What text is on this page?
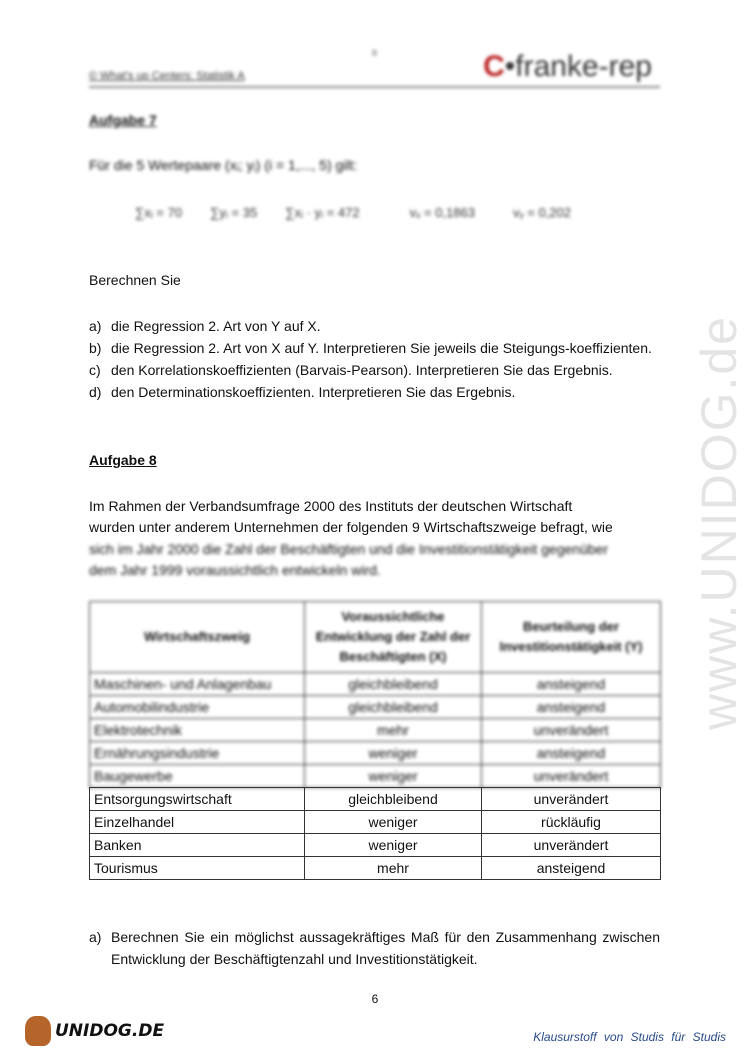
www.UNIDOG.de
© What's up Centers: Statistik A
II	C•franke-rep
Aufgabe 7
Für die 5 Wertepaare (xᵢ; yᵢ) (i = 1,..., 5) gilt:
∑xᵢ = 70 ∑yᵢ = 35 ∑xᵢ · yᵢ = 472	vₓ = 0,1863	vᵧ = 0,202
Berechnen Sie
a) die Regression 2. Art von Y auf X.
b) die Regression 2. Art von X auf Y. Interpretieren Sie jeweils die Steigungs-koeffizienten.
c) den Korrelationskoeffizienten (Barvais-Pearson). Interpretieren Sie das Ergebnis.
d) den Determinationskoeffizienten. Interpretieren Sie das Ergebnis.
Aufgabe 8
Im Rahmen der Verbandsumfrage 2000 des Instituts der deutschen Wirtschaft
wurden unter anderem Unternehmen der folgenden 9 Wirtschaftszweige befragt, wie
sich im Jahr 2000 die Zahl der Beschäftigten und die Investitionstätigkeit gegenüber
dem Jahr 1999 voraussichtlich entwickeln wird.
Wirtschaftszweig	Voraussichtliche Entwicklung der Zahl der Beschäftigten (X)	Beurteilung der Investitionstätigkeit (Y)
Maschinen- und Anlagenbau	gleichbleibend	ansteigend
Automobilindustrie	gleichbleibend	ansteigend
Elektrotechnik	mehr	unverändert
Ernährungsindustrie	weniger	ansteigend
Baugewerbe	weniger	unverändert
Entsorgungswirtschaft	gleichbleibend	unverändert
Einzelhandel	weniger	rückläufig
Banken	weniger	unverändert
Tourismus	mehr	ansteigend
a) Berechnen Sie ein möglichst aussagekräftiges Maß für den Zusammenhang zwischen Entwicklung der Beschäftigtenzahl und Investitionstätigkeit.
6
UNIDOG.DE	Klausurstoff von Studis für Studis
